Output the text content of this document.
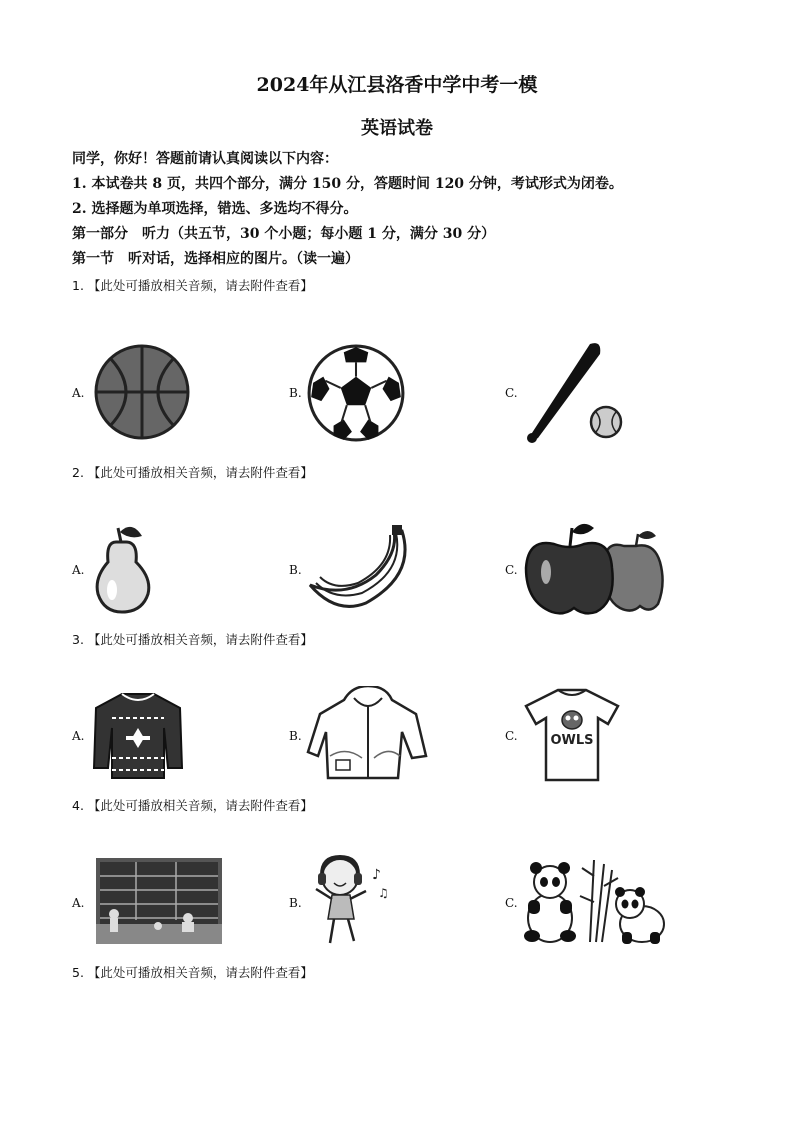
2024年从江县洛香中学中考一模
英语试卷
同学，你好！答题前请认真阅读以下内容：
1. 本试卷共 8 页，共四个部分，满分 150 分，答题时间 120 分钟，考试形式为闭卷。
2. 选择题为单项选择，错选、多选均不得分。
第一部分　听力（共五节，30 个小题；每小题 1 分，满分 30 分）
第一节　听对话，选择相应的图片。（读一遍）
1. 【此处可播放相关音频，请去附件查看】
A.	B.	C.
2. 【此处可播放相关音频，请去附件查看】
A.	B.	C.
3. 【此处可播放相关音频，请去附件查看】
A.	B.	C.	OWLS
4. 【此处可播放相关音频，请去附件查看】
A.	B.	C.
♪
♫
5. 【此处可播放相关音频，请去附件查看】
